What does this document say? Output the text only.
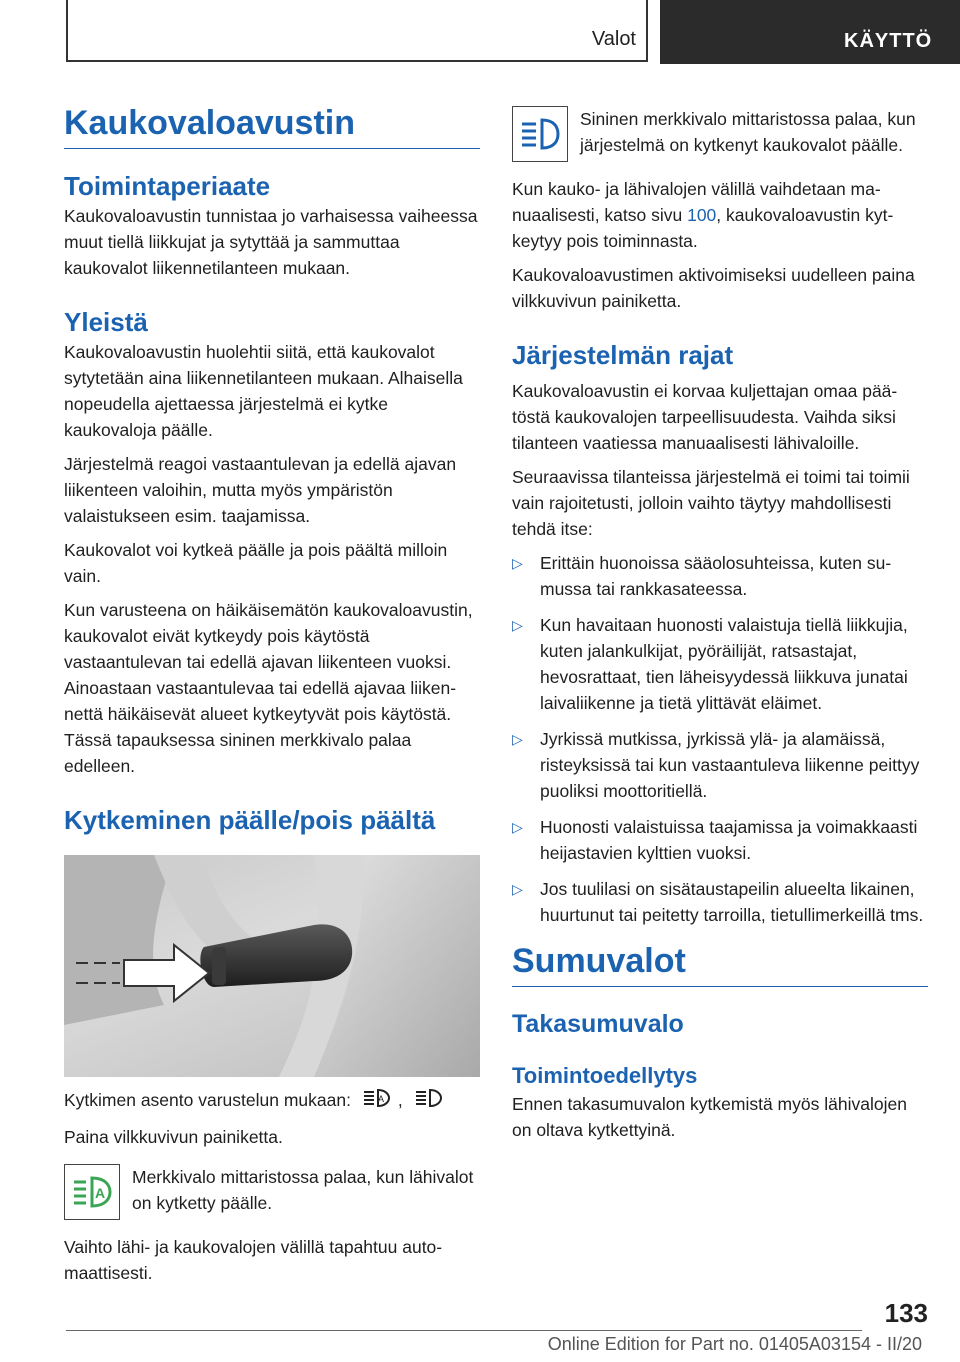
Valot	KÄYTTÖ
Kaukovaloavustin
Toimintaperiaate

Kaukovaloavustin tunnistaa jo varhaisessa vaiheessa muut tiellä liikkujat ja sytyttää ja sammuttaa kaukovalot liikennetilanteen mukaan.

Yleistä

Kaukovaloavustin huolehtii siitä, että kaukovalot sytytetään aina liikennetilanteen mukaan. Alhaisella nopeudella ajettaessa järjestelmä ei kytke kaukovaloja päälle.

Järjestelmä reagoi vastaantulevan ja edellä ajavan liikenteen valoihin, mutta myös ympäristön valaistukseen esim. taajamissa.

Kaukovalot voi kytkeä päälle ja pois päältä milloin vain.

Kun varusteena on häikäisemätön kaukovaloavustin, kaukovalot eivät kytkeydy pois käytöstä vastaantulevan tai edellä ajavan liikenteen vuoksi. Ainoastaan vastaantulevaa tai edellä ajavaa liikennettä häikäisevät alueet kytkeytyvät pois käytöstä. Tässä tapauksessa sininen merkkivalo palaa edelleen.

Kytkeminen päälle/pois päältä

Kytkimen asento varustelun mukaan:	A ,

Paina vilkkuvivun painiketta.

A

Merkkivalo mittaristossa palaa, kun lähivalot on kytketty päälle.

Vaihto lähi- ja kaukovalojen välillä tapahtuu automaattisesti.

Sininen merkkivalo mittaristossa palaa, kun järjestelmä on kytkenyt kaukovalot päälle.

Kun kauko- ja lähivalojen välillä vaihdetaan manuaalisesti, katso sivu 100, kaukovaloavustin kytkeytyy pois toiminnasta.

Kaukovaloavustimen aktivoimiseksi uudelleen paina vilkkuvivun painiketta.

Järjestelmän rajat

Kaukovaloavustin ei korvaa kuljettajan omaa päätöstä kaukovalojen tarpeellisuudesta. Vaihda siksi tilanteen vaatiessa manuaalisesti lähivaloille.

Seuraavissa tilanteissa järjestelmä ei toimi tai toimii vain rajoitetusti, jolloin vaihto täytyy mahdollisesti tehdä itse:

▷ Erittäin huonoissa sääolosuhteissa, kuten sumussa tai rankkasateessa.
▷ Kun havaitaan huonosti valaistuja tiellä liikkujia, kuten jalankulkijat, pyöräilijät, ratsastajat, hevosrattaat, tien läheisyydessä liikkuva junatai laivaliikenne ja tietä ylittävät eläimet.
▷ Jyrkissä mutkissa, jyrkissä ylä- ja alamäissä, risteyksissä tai kun vastaantuleva liikenne peittyy puoliksi moottoritiellä.
▷ Huonosti valaistuissa taajamissa ja voimakkaasti heijastavien kylttien vuoksi.
▷ Jos tuulilasi on sisätaustapeilin alueelta likainen, huurtunut tai peitetty tarroilla, tietullimerkeillä tms.
Sumuvalot
Takasumuvalo
Toimintoedellytys

Ennen takasumuvalon kytkemistä myös lähivalojen on oltava kytkettyinä.

133
Online Edition for Part no. 01405A03154 - II/20
